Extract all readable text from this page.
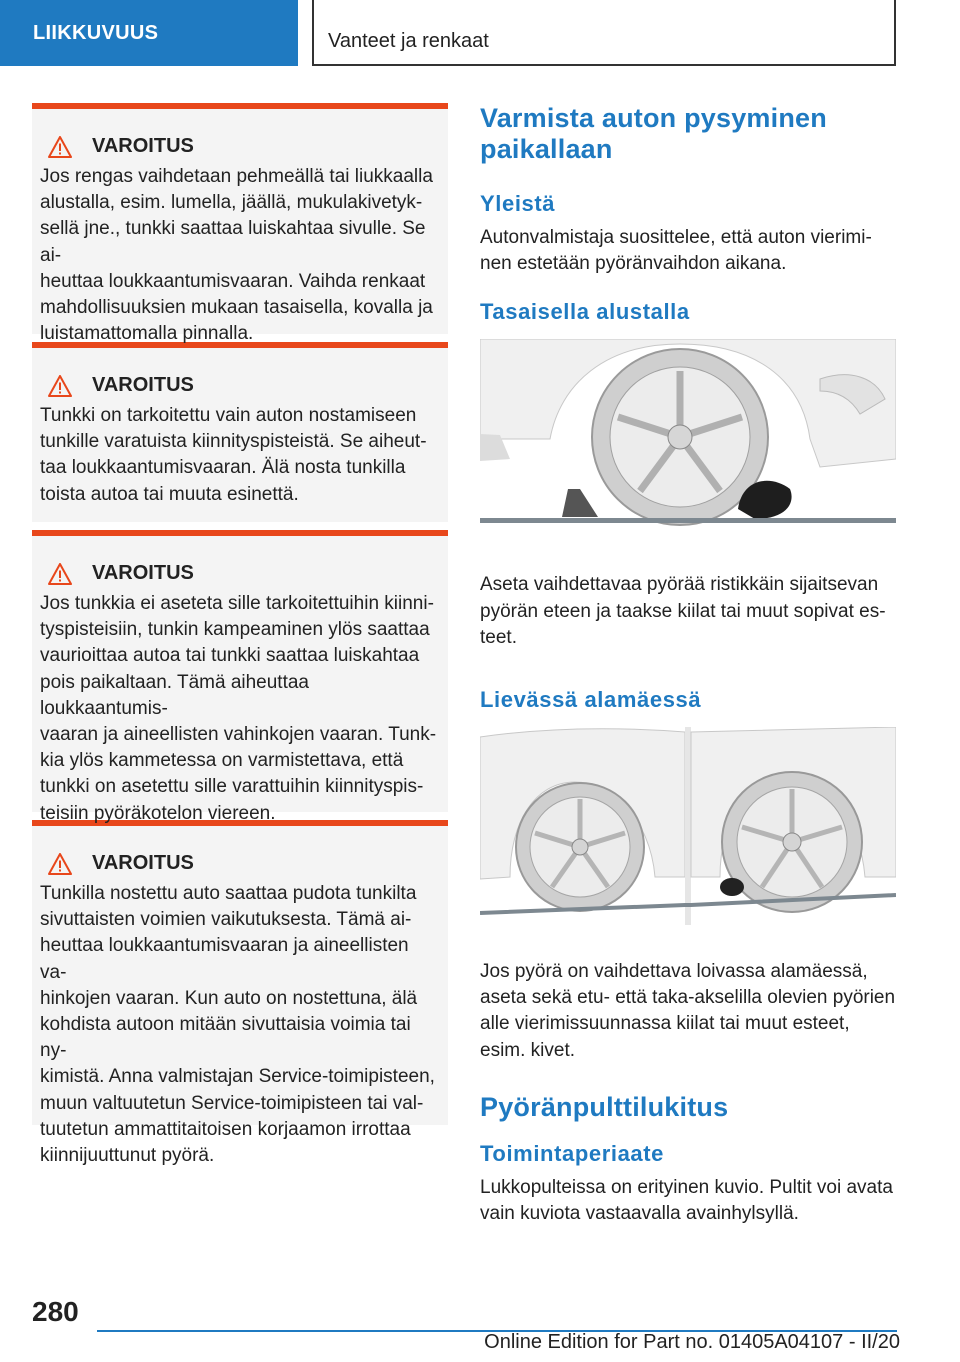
LIIKKUVUUS	Vanteet ja renkaat
VAROITUS
Jos rengas vaihdetaan pehmeällä tai liukkaalla
alustalla, esim. lumella, jäällä, mukulakivetyk-
sellä jne., tunkki saattaa luiskahtaa sivulle. Se ai-
heuttaa loukkaantumisvaaran. Vaihda renkaat
mahdollisuuksien mukaan tasaisella, kovalla ja
luistamattomalla pinnalla.
VAROITUS
Tunkki on tarkoitettu vain auton nostamiseen
tunkille varatuista kiinnityspisteistä. Se aiheut-
taa loukkaantumisvaaran. Älä nosta tunkilla
toista autoa tai muuta esinettä.
VAROITUS
Jos tunkkia ei aseteta sille tarkoitettuihin kiinni-
tyspisteisiin, tunkin kampeaminen ylös saattaa
vaurioittaa autoa tai tunkki saattaa luiskahtaa
pois paikaltaan. Tämä aiheuttaa loukkaantumis-
vaaran ja aineellisten vahinkojen vaaran. Tunk-
kia ylös kammetessa on varmistettava, että
tunkki on asetettu sille varattuihin kiinnityspis-
teisiin pyöräkotelon viereen.
VAROITUS
Tunkilla nostettu auto saattaa pudota tunkilta
sivuttaisten voimien vaikutuksesta. Tämä ai-
heuttaa loukkaantumisvaaran ja aineellisten va-
hinkojen vaaran. Kun auto on nostettuna, älä
kohdista autoon mitään sivuttaisia voimia tai ny-
kimistä. Anna valmistajan Service-toimipisteen,
muun valtuutetun Service-toimipisteen tai val-
tuutetun ammattitaitoisen korjaamon irrottaa
kiinnijuuttunut pyörä.
Varmista auton pysyminen paikallaan
Yleistä

Autonvalmistaja suosittelee, että auton vierimi-nen estetään pyöränvaihdon aikana.

Tasaisella alustalla

Aseta vaihdettavaa pyörää ristikkäin sijaitsevan pyörän eteen ja taakse kiilat tai muut sopivat es-teet.

Lievässä alamäessä

Jos pyörä on vaihdettava loivassa alamäessä, aseta sekä etu- että taka-akselilla olevien pyörien alle vierimissuunnassa kiilat tai muut esteet, esim. kivet.

Pyöränpulttilukitus
Toimintaperiaate

Lukkopulteissa on erityinen kuvio. Pultit voi avata vain kuviota vastaavalla avainhylsyllä.

280
Online Edition for Part no. 01405A04107 - II/20
